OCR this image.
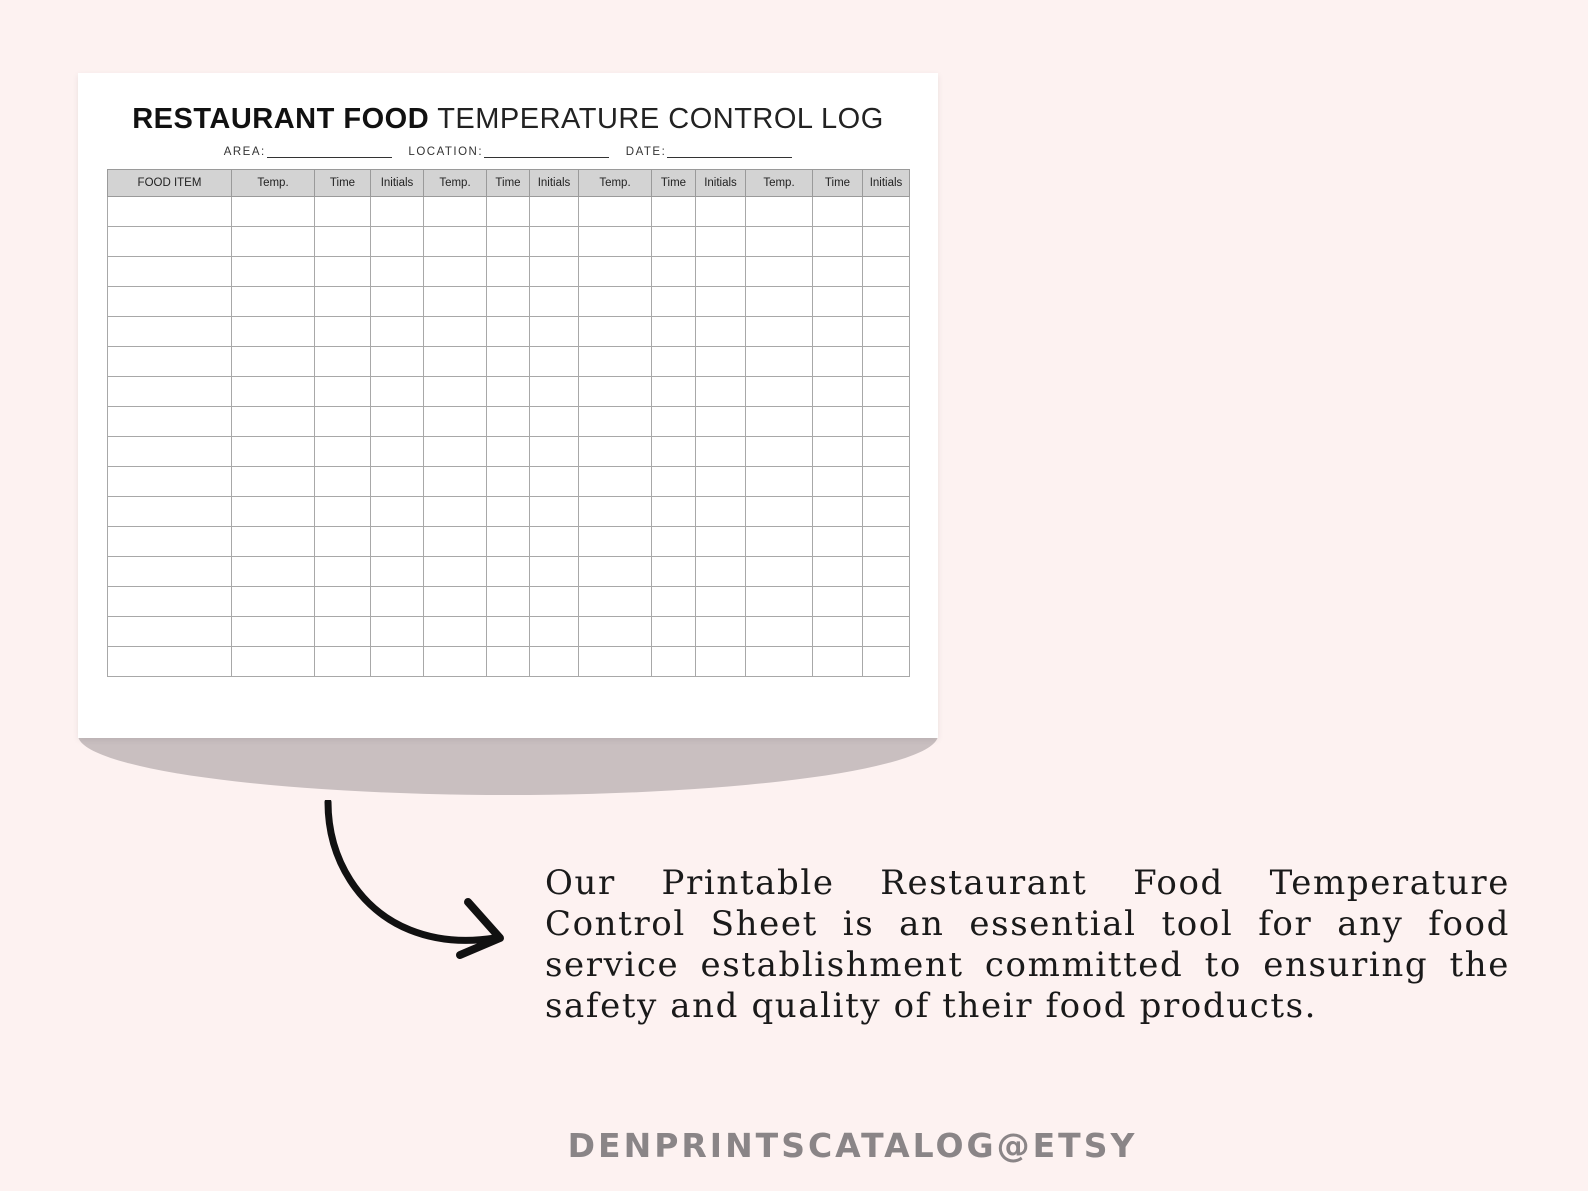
RESTAURANT FOOD TEMPERATURE CONTROL LOG
AREA:	LOCATION:	DATE:
FOOD ITEM	Temp.	Time	Initials	Temp.	Time	Initials	Temp.	Time	Initials	Temp.	Time	Initials

Our Printable Restaurant Food Temperature Control Sheet is an essential tool for any food service establishment committed to ensuring the safety and quality of their food products.
DENPRINTSCATALOG@ETSY
